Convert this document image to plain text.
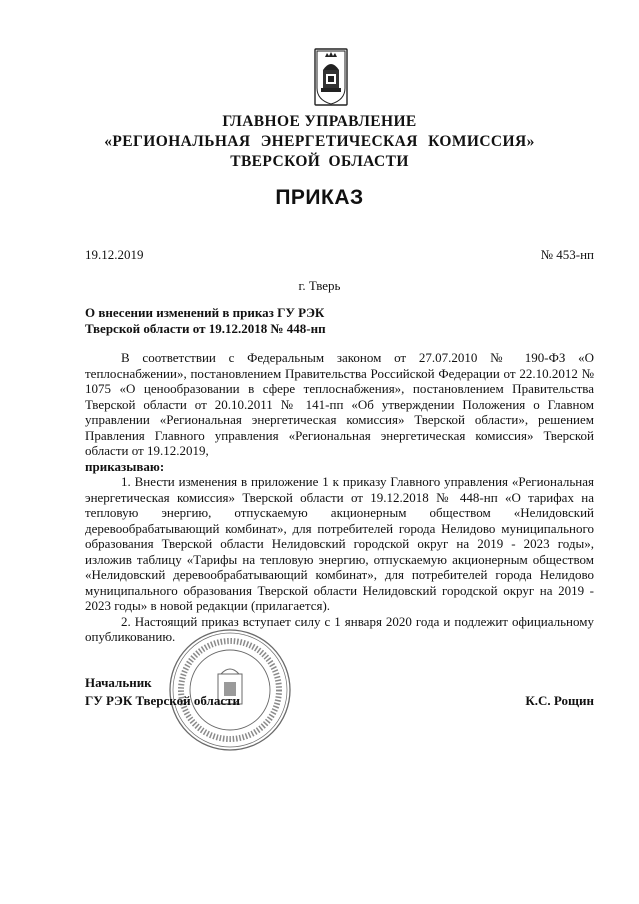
ГЛАВНОЕ УПРАВЛЕНИЕ
«РЕГИОНАЛЬНАЯ ЭНЕРГЕТИЧЕСКАЯ КОМИССИЯ»
ТВЕРСКОЙ ОБЛАСТИ
ПРИКАЗ
19.12.2019	№ 453-нп
г. Тверь
О внесении изменений в приказ ГУ РЭК
Тверской области от 19.12.2018 № 448-нп

В соответствии с Федеральным законом от 27.07.2010 № 190-ФЗ «О теплоснабжении», постановлением Правительства Российской Федерации от 22.10.2012 № 1075 «О ценообразовании в сфере теплоснабжения», постановлением Правительства Тверской области от 20.10.2011 № 141-пп «Об утверждении Положения о Главном управлении «Региональная энергетическая комиссия» Тверской области», решением Правления Главного управления «Региональная энергетическая комиссия» Тверской области от 19.12.2019,

приказываю:

1. Внести изменения в приложение 1 к приказу Главного управления «Региональная энергетическая комиссия» Тверской области от 19.12.2018 № 448-нп «О тарифах на тепловую энергию, отпускаемую акционерным обществом «Нелидовский деревообрабатывающий комбинат», для потребителей города Нелидово муниципального образования Тверской области Нелидовский городской округ на 2019 - 2023 годы», изложив таблицу «Тарифы на тепловую энергию, отпускаемую акционерным обществом «Нелидовский деревообрабатывающий комбинат», для потребителей города Нелидово муниципального образования Тверской области Нелидовский городской округ на 2019 - 2023 годы» в новой редакции (прилагается).

2. Настоящий приказ вступает силу с 1 января 2020 года и подлежит официальному опубликованию.

Начальник
ГУ РЭК Тверской области	К.С. Рощин
